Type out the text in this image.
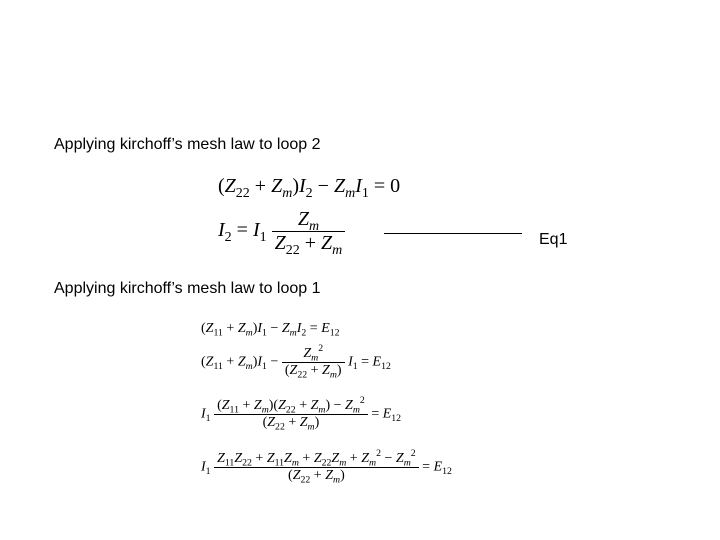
Applying kirchoff’s mesh law to loop 2
$(Z_{22} + Z_m)I_2 - Z_mI_1 = 0$
$I_2 = I_1 \frac{Z_m}{Z_{22} + Z_m}$	Eq1
Applying kirchoff’s mesh law to loop 1
$(Z_{11} + Z_m)I_1 - Z_mI_2 = E_{12}$
$(Z_{11} + Z_m)I_1 - \frac{Z_m^2}{(Z_{22} + Z_m)} I_1 = E_{12}$
$I_1 \frac{(Z_{11} + Z_m)(Z_{22} + Z_m) - Z_m^2}{(Z_{22} + Z_m)} = E_{12}$
$I_1 \frac{Z_{11}Z_{22} + Z_{11}Z_m + Z_{22}Z_m + Z_m^2 - Z_m^2}{(Z_{22} + Z_m)} = E_{12}$
